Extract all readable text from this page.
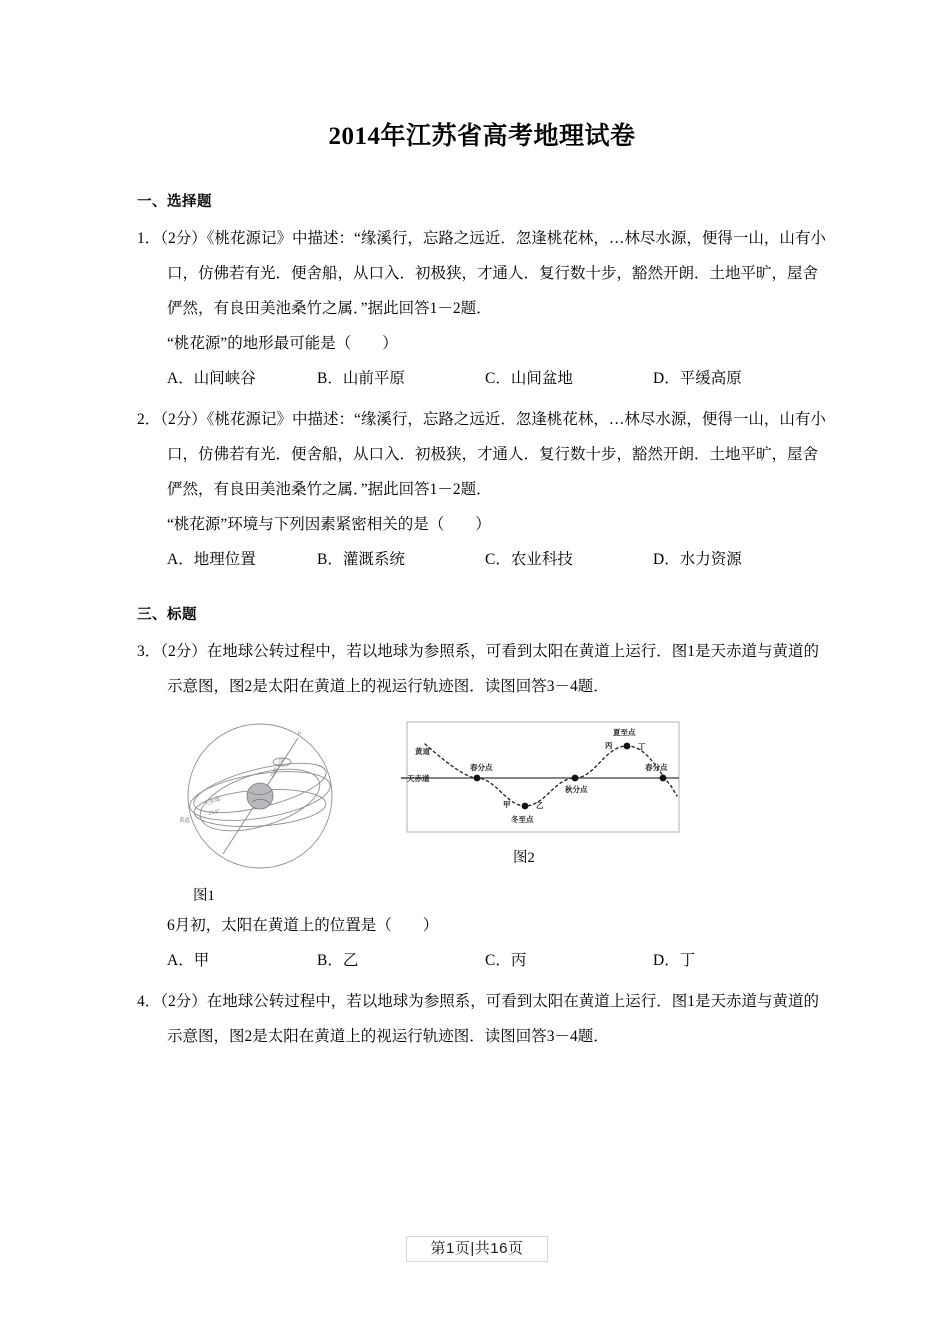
2014年江苏省高考地理试卷
一、选择题
1．（2分）《桃花源记》中描述：“缘溪行，忘路之远近．忽逢桃花林，…林尽水源，便得一山，山有小口，仿佛若有光．便舍船，从口入．初极狭，才通人．复行数十步，豁然开朗．土地平旷，屋舍俨然，有良田美池桑竹之属．”据此回答1－2题．
“桃花源”的地形最可能是（　　）
A．山间峡谷	B．山前平原	C．山间盆地	D．平缓高原
2．（2分）《桃花源记》中描述：“缘溪行，忘路之远近．忽逢桃花林，…林尽水源，便得一山，山有小口，仿佛若有光．便舍船，从口入．初极狭，才通人．复行数十步，豁然开朗．土地平旷，屋舍俨然，有良田美池桑竹之属．”据此回答1－2题．
“桃花源”环境与下列因素紧密相关的是（　　）
A．地理位置	B．灌溉系统	C．农业科技	D．水力资源
三、标题
3．（2分）在地球公转过程中，若以地球为参照系，可看到太阳在黄道上运行．图1是天赤道与黄道的示意图，图2是太阳在黄道上的视运行轨迹图．读图回答3－4题．
P
自转方向
天赤道
23.5°
黄道
图1
黄道
天赤道
春分点
甲
冬至点
乙
秋分点
丙
夏至点
丁
春分点
图2
6月初，太阳在黄道上的位置是（　　）
A．甲	B．乙	C．丙	D．丁
4．（2分）在地球公转过程中，若以地球为参照系，可看到太阳在黄道上运行．图1是天赤道与黄道的示意图，图2是太阳在黄道上的视运行轨迹图．读图回答3－4题．
第1页|共16页
